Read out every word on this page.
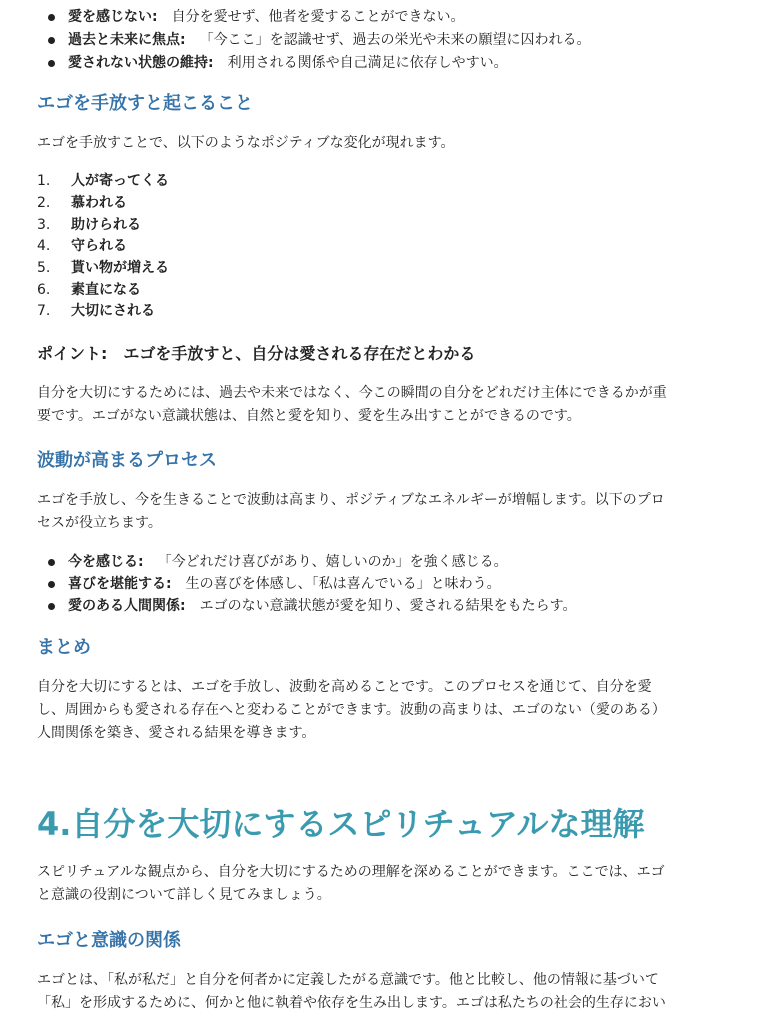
愛を感じない: 自分を愛せず、他者を愛することができない。
過去と未来に焦点: 「今ここ」を認識せず、過去の栄光や未来の願望に囚われる。
愛されない状態の維持: 利用される関係や自己満足に依存しやすい。
エゴを手放すと起こること

エゴを手放すことで、以下のようなポジティブな変化が現れます。

1. 人が寄ってくる
2. 慕われる
3. 助けられる
4. 守られる
5. 貰い物が増える
6. 素直になる
7. 大切にされる
ポイント:　エゴを手放すと、自分は愛される存在だとわかる

自分を大切にするためには、過去や未来ではなく、今この瞬間の自分をどれだけ主体にできるかが重

要です。エゴがない意識状態は、自然と愛を知り、愛を生み出すことができるのです。

波動が高まるプロセス

エゴを手放し、今を生きることで波動は高まり、ポジティブなエネルギーが増幅します。以下のプロ

セスが役立ちます。

今を感じる: 「今どれだけ喜びがあり、嬉しいのか」を強く感じる。
喜びを堪能する: 生の喜びを体感し、「私は喜んでいる」と味わう。
愛のある人間関係: エゴのない意識状態が愛を知り、愛される結果をもたらす。
まとめ

自分を大切にするとは、エゴを手放し、波動を高めることです。このプロセスを通じて、自分を愛

し、周囲からも愛される存在へと変わることができます。波動の高まりは、エゴのない（愛のある）

人間関係を築き、愛される結果を導きます。

4.自分を大切にするスピリチュアルな理解

スピリチュアルな観点から、自分を大切にするための理解を深めることができます。ここでは、エゴ

と意識の役割について詳しく見てみましょう。

エゴと意識の関係

エゴとは、「私が私だ」と自分を何者かに定義したがる意識です。他と比較し、他の情報に基づいて

「私」を形成するために、何かと他に執着や依存を生み出します。エゴは私たちの社会的生存におい
